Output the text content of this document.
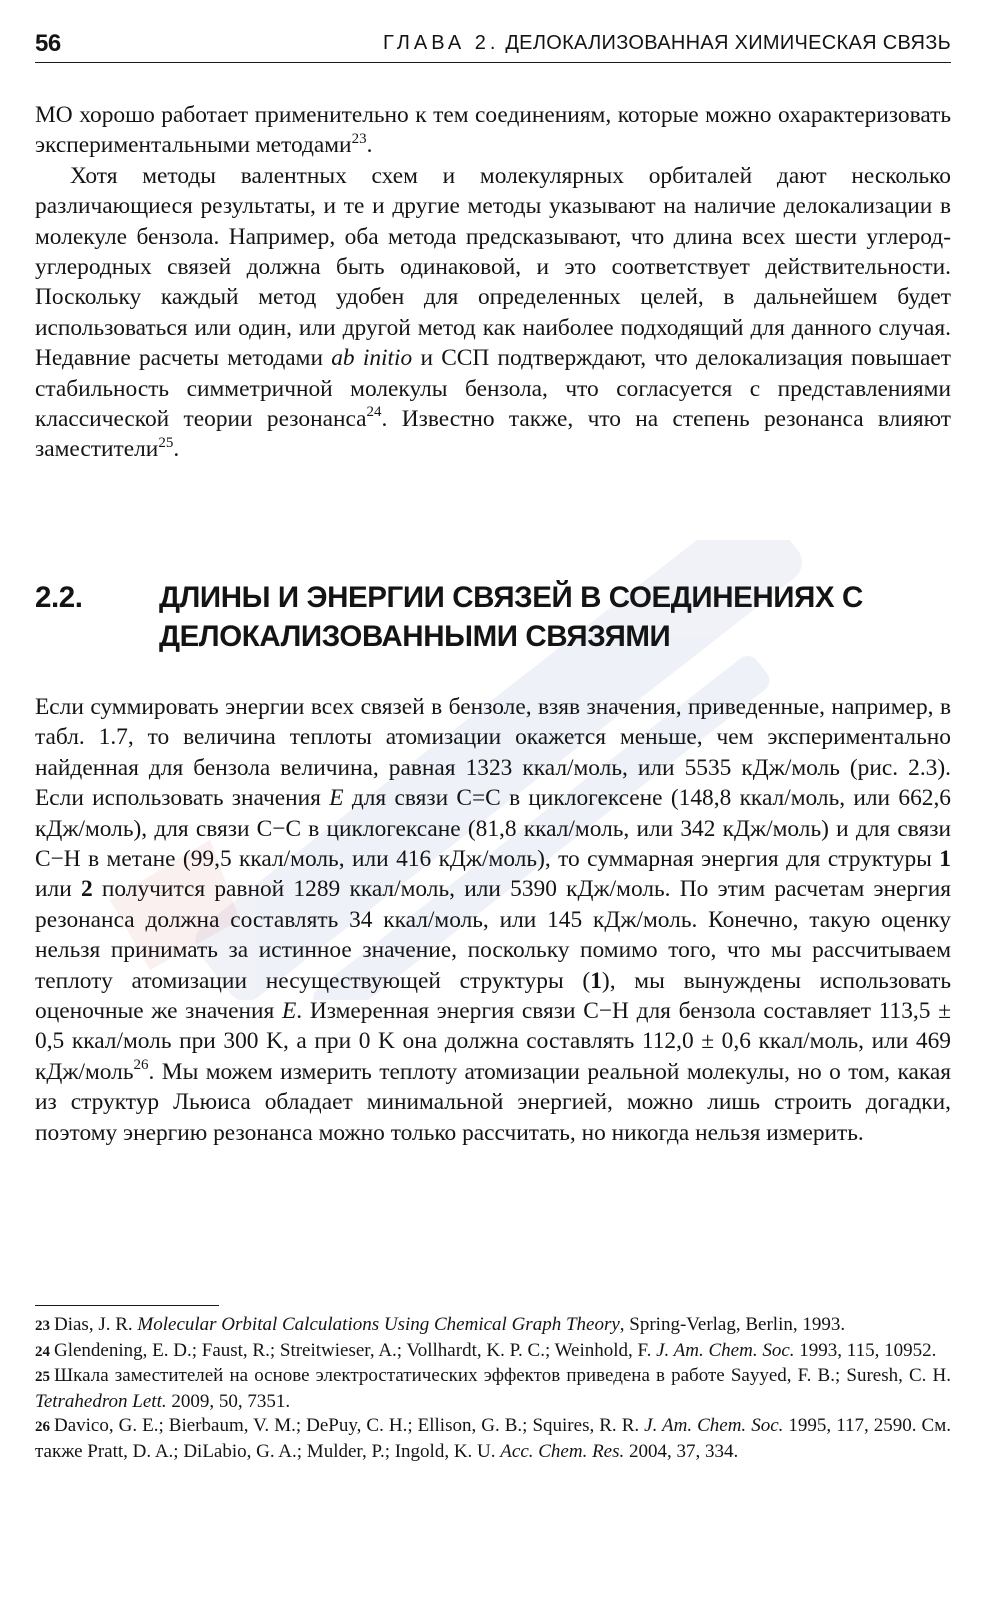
56	ГЛАВА 2. ДЕЛОКАЛИЗОВАННАЯ ХИМИЧЕСКАЯ СВЯЗЬ

МО хорошо работает применительно к тем соединениям, которые можно охарактеризовать экспериментальными методами$^{23}$.

Хотя методы валентных схем и молекулярных орбиталей дают несколько различающиеся результаты, и те и другие методы указывают на наличие делокализации в молекуле бензола. Например, оба метода предсказывают, что длина всех шести углерод-углеродных связей должна быть одинаковой, и это соответствует действительности. Поскольку каждый метод удобен для определенных целей, в дальнейшем будет использоваться или один, или другой метод как наиболее подходящий для данного случая. Недавние расчеты методами ab initio и ССП подтверждают, что делокализация повышает стабильность симметричной молекулы бензола, что согласуется с представлениями классической теории резонанса$^{24}$. Известно также, что на степень резонанса влияют заместители$^{25}$.

2.2.	ДЛИНЫ И ЭНЕРГИИ СВЯЗЕЙ В СОЕДИНЕНИЯХ С ДЕЛОКАЛИЗОВАННЫМИ СВЯЗЯМИ

Если суммировать энергии всех связей в бензоле, взяв значения, приведенные, например, в табл. 1.7, то величина теплоты атомизации окажется меньше, чем экспериментально найденная для бензола величина, равная 1323 ккал/моль, или 5535 кДж/моль (рис. 2.3). Если использовать значения E для связи C=C в циклогексене (148,8 ккал/моль, или 662,6 кДж/моль), для связи C−C в циклогексане (81,8 ккал/моль, или 342 кДж/моль) и для связи C−H в метане (99,5 ккал/моль, или 416 кДж/моль), то суммарная энергия для структуры 1 или 2 получится равной 1289 ккал/моль, или 5390 кДж/моль. По этим расчетам энергия резонанса должна составлять 34 ккал/моль, или 145 кДж/моль. Конечно, такую оценку нельзя принимать за истинное значение, поскольку помимо того, что мы рассчитываем теплоту атомизации несуществующей структуры (1), мы вынуждены использовать оценочные же значения E. Измеренная энергия связи C−H для бензола составляет 113,5 ± 0,5 ккал/моль при 300 K, а при 0 K она должна составлять 112,0 ± 0,6 ккал/моль, или 469 кДж/моль$^{26}$. Мы можем измерить теплоту атомизации реальной молекулы, но о том, какая из структур Льюиса обладает минимальной энергией, можно лишь строить догадки, поэтому энергию резонанса можно только рассчитать, но никогда нельзя измерить.

23 Dias, J. R. Molecular Orbital Calculations Using Chemical Graph Theory, Spring-Verlag, Berlin, 1993.

24 Glendening, E. D.; Faust, R.; Streitwieser, A.; Vollhardt, K. P. C.; Weinhold, F. J. Am. Chem. Soc. 1993, 115, 10952.

25 Шкала заместителей на основе электростатических эффектов приведена в работе Sayyed, F. B.; Suresh, C. H. Tetrahedron Lett. 2009, 50, 7351.

26 Davico, G. E.; Bierbaum, V. M.; DePuy, C. H.; Ellison, G. B.; Squires, R. R. J. Am. Chem. Soc. 1995, 117, 2590. См. также Pratt, D. A.; DiLabio, G. A.; Mulder, P.; Ingold, K. U. Acc. Chem. Res. 2004, 37, 334.
